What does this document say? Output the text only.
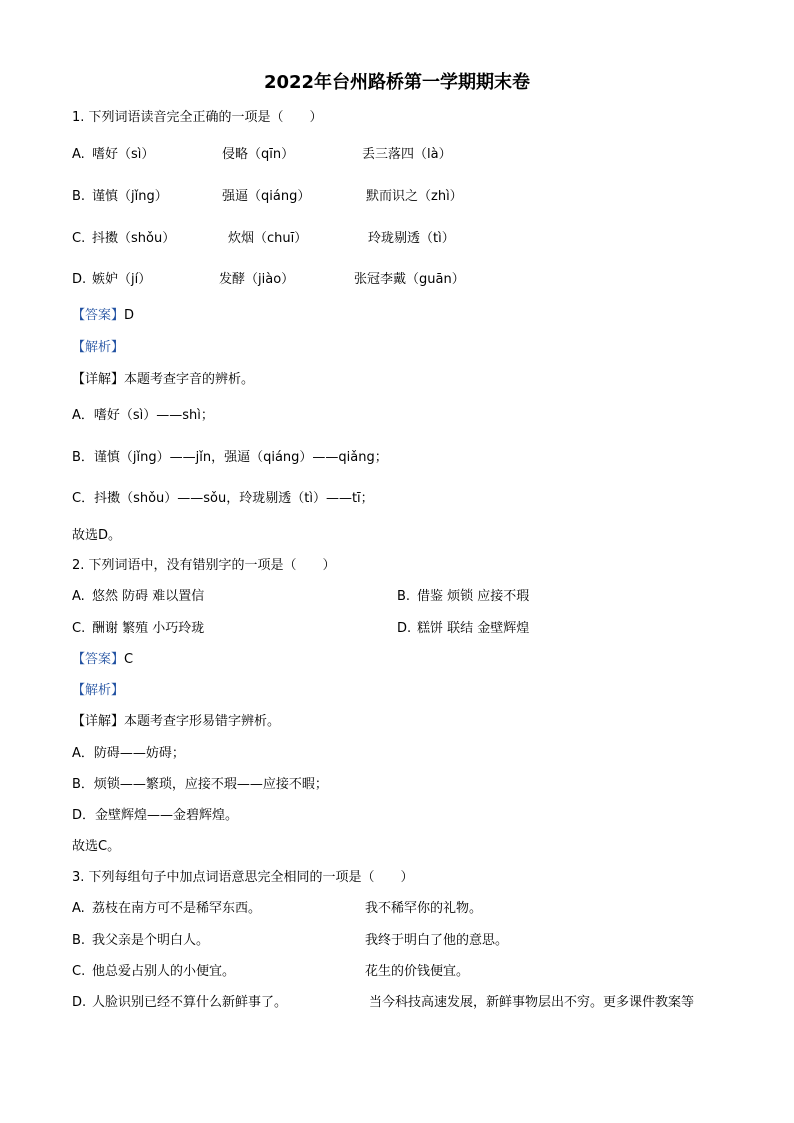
2022年台州路桥第一学期期末卷
1. 下列词语读音完全正确的一项是（　　）
A. 嗜好（sì）	侵略（qīn）	丢三落四（là）
B. 谨慎（jǐng）	强逼（qiáng）	默而识之（zhì）
C. 抖擞（shǒu）	炊烟（chuī）	玲珑剔透（tì）
D. 嫉妒（jí）	发酵（jiào）	张冠李戴（guān）
【答案】D
【解析】
【详解】本题考查字音的辨析。
A．嗜好（sì）——shì；
B．谨慎（jǐng）——jǐn，强逼（qiáng）——qiǎng；
C．抖擞（shǒu）——sǒu，玲珑剔透（tì）——tī；
故选D。
2. 下列词语中，没有错别字的一项是（　　）
A. 悠然 防碍 难以置信	B. 借鉴 烦锁 应接不瑕
C. 酬谢 繁殖 小巧玲珑	D. 糕饼 联结 金壁辉煌
【答案】C
【解析】
【详解】本题考查字形易错字辨析。
A．防碍——妨碍；
B．烦锁——繁琐，应接不瑕——应接不暇；
D．金壁辉煌——金碧辉煌。
故选C。
3. 下列每组句子中加点词语意思完全相同的一项是（　　）
A. 荔枝在南方可不是稀罕东西。	我不稀罕你的礼物。
B. 我父亲是个明白人。	我终于明白了他的意思。
C. 他总爱占别人的小便宜。	花生的价钱便宜。
D. 人脸识别已经不算什么新鲜事了。	当今科技高速发展，新鲜事物层出不穷。更多课件教案等
